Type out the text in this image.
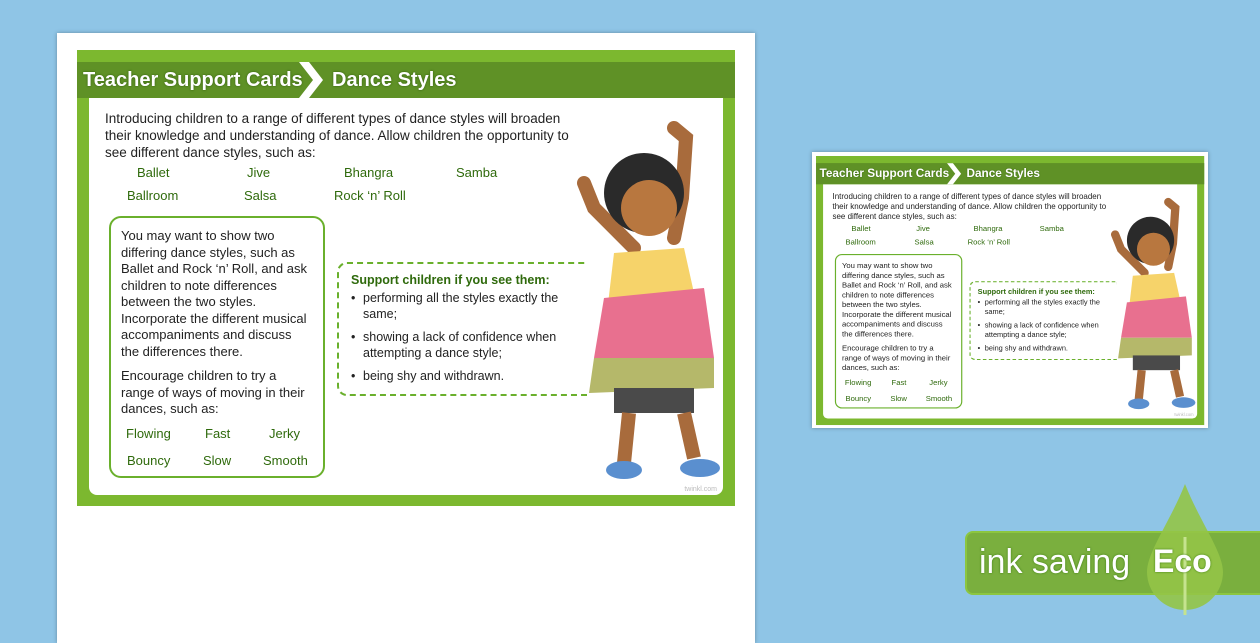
Teacher Support Cards Dance Styles
Introducing children to a range of different types of dance styles will broaden their knowledge and understanding of dance. Allow children the opportunity to see different dance styles, such as:
Ballet	Jive	Bhangra	Samba
Ballroom	Salsa	Rock ‘n’ Roll

You may want to show two differing dance styles, such as Ballet and Rock ‘n’ Roll, and ask children to note differences between the two styles. Incorporate the different musical accompaniments and discuss the differences there.

Encourage children to try a range of ways of moving in their dances, such as:

Flowing	Fast	Jerky
Bouncy	Slow Smooth
Support children if you see them:
• performing all the styles exactly the same;
• showing a lack of confidence when attempting a dance style;
• being shy and withdrawn.
twinkl.com
Teacher Support Cards Dance Styles
Introducing children to a range of different types of dance styles will broaden their knowledge and understanding of dance. Allow children the opportunity to see different dance styles, such as:
Ballet	Jive	Bhangra	Samba
Ballroom	Salsa	Rock ‘n’ Roll

You may want to show two differing dance styles, such as Ballet and Rock ‘n’ Roll, and ask children to note differences between the two styles. Incorporate the different musical accompaniments and discuss the differences there.

Encourage children to try a range of ways of moving in their dances, such as:

Flowing Fast Jerky
Bouncy Slow Smooth
Support children if you see them:
• performing all the styles exactly the same;
• showing a lack of confidence when attempting a dance style;
• being shy and withdrawn.
twinkl.com
ink saving Eco
